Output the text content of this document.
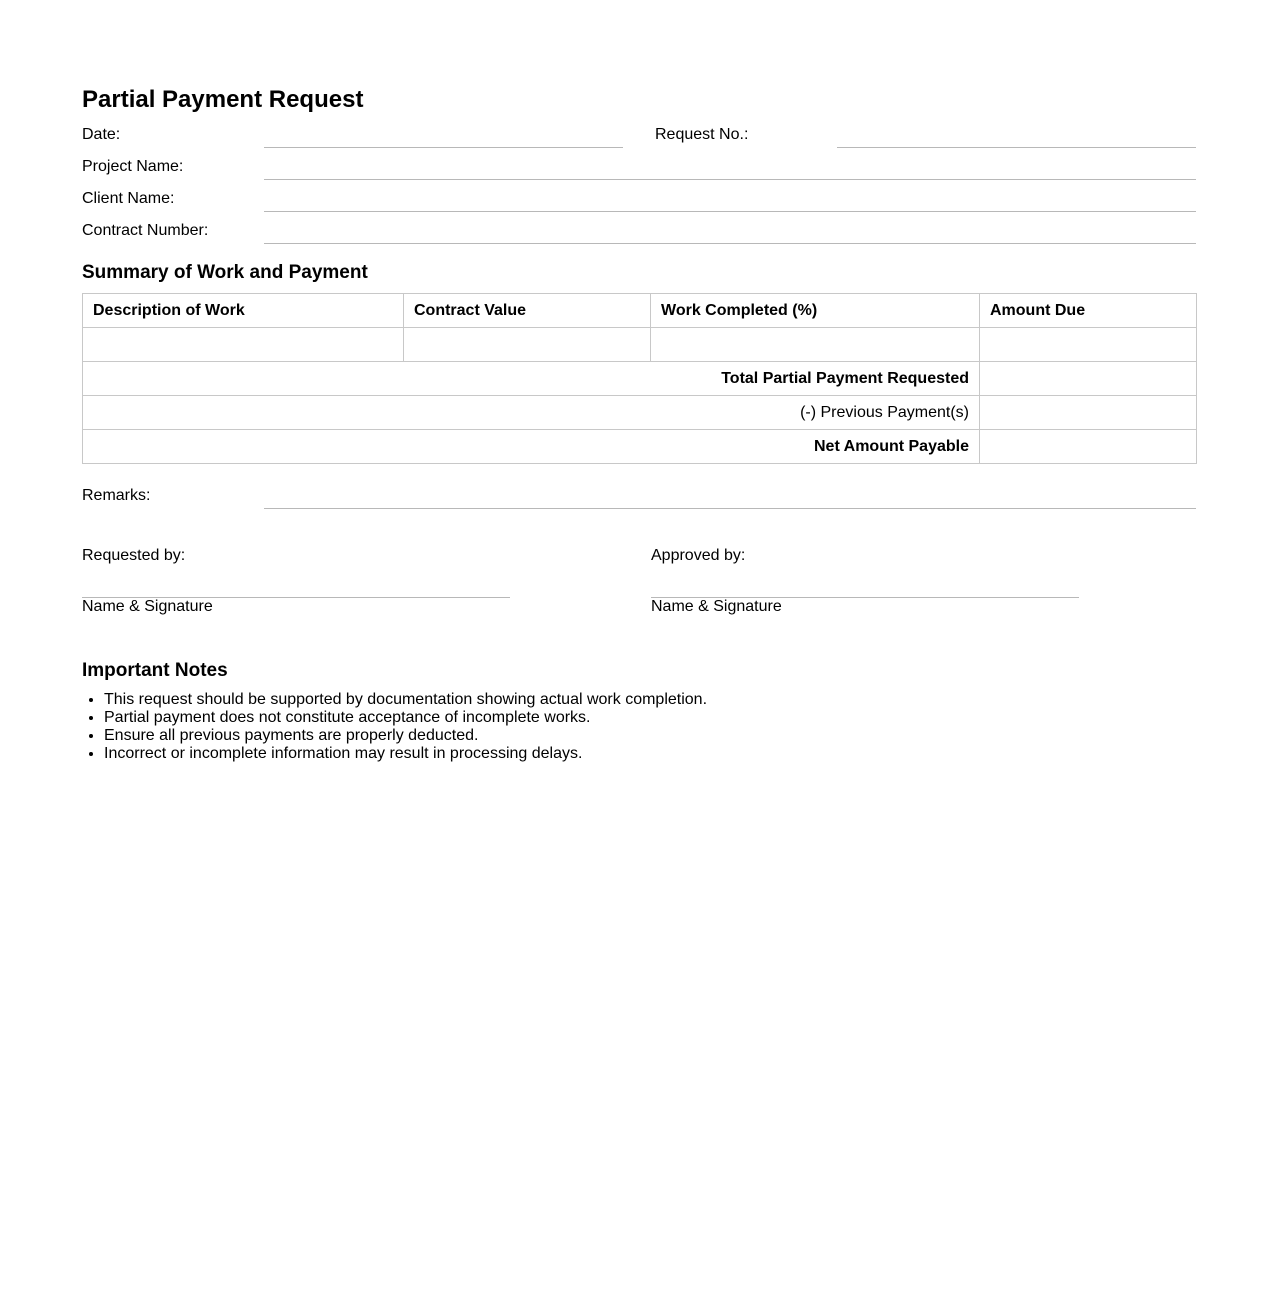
Partial Payment Request
Date:	Request No.:
Project Name:
Client Name:
Contract Number:
Summary of Work and Payment
Description of Work	Contract Value	Work Completed (%)	Amount Due

Total Partial Payment Requested			
(-) Previous Payment(s)			
Net Amount Payable			
Remarks:
Requested by:
Name & Signature
Approved by:
Name & Signature
Important Notes
• This request should be supported by documentation showing actual work completion.
• Partial payment does not constitute acceptance of incomplete works.
• Ensure all previous payments are properly deducted.
• Incorrect or incomplete information may result in processing delays.
